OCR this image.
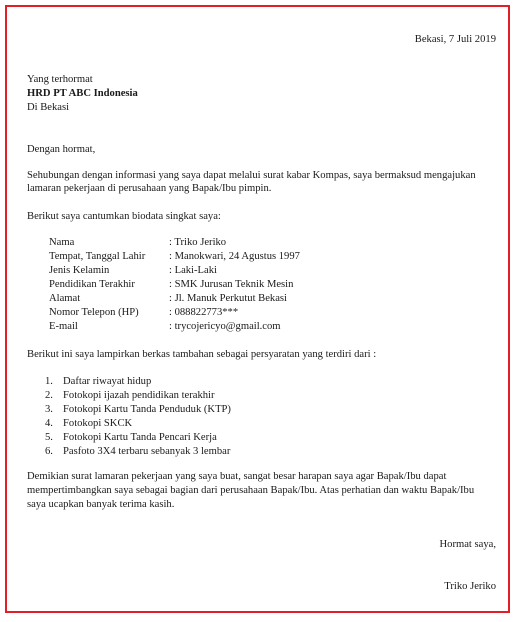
Bekasi, 7 Juli 2019
Yang terhormat
HRD PT ABC Indonesia
Di Bekasi
Dengan hormat,
Sehubungan dengan informasi yang saya dapat melalui surat kabar Kompas, saya bermaksud mengajukan
lamaran pekerjaan di perusahaan yang Bapak/Ibu pimpin.
Berikut saya cantumkan biodata singkat saya:
Nama	: Triko Jeriko
Tempat, Tanggal Lahir : Manokwari, 24 Agustus 1997
Jenis Kelamin	: Laki-Laki
Pendidikan Terakhir	: SMK Jurusan Teknik Mesin
Alamat	: Jl. Manuk Perkutut Bekasi
Nomor Telepon (HP)	: 088822773***
E-mail	: trycojericyo@gmail.com
Berikut ini saya lampirkan berkas tambahan sebagai persyaratan yang terdiri dari :
1. Daftar riwayat hidup
2. Fotokopi ijazah pendidikan terakhir
3. Fotokopi Kartu Tanda Penduduk (KTP)
4. Fotokopi SKCK
5. Fotokopi Kartu Tanda Pencari Kerja
6. Pasfoto 3X4 terbaru sebanyak 3 lembar
Demikian surat lamaran pekerjaan yang saya buat, sangat besar harapan saya agar Bapak/Ibu dapat
mempertimbangkan saya sebagai bagian dari perusahaan Bapak/Ibu. Atas perhatian dan waktu Bapak/Ibu
saya ucapkan banyak terima kasih.
Hormat saya,
Triko Jeriko
